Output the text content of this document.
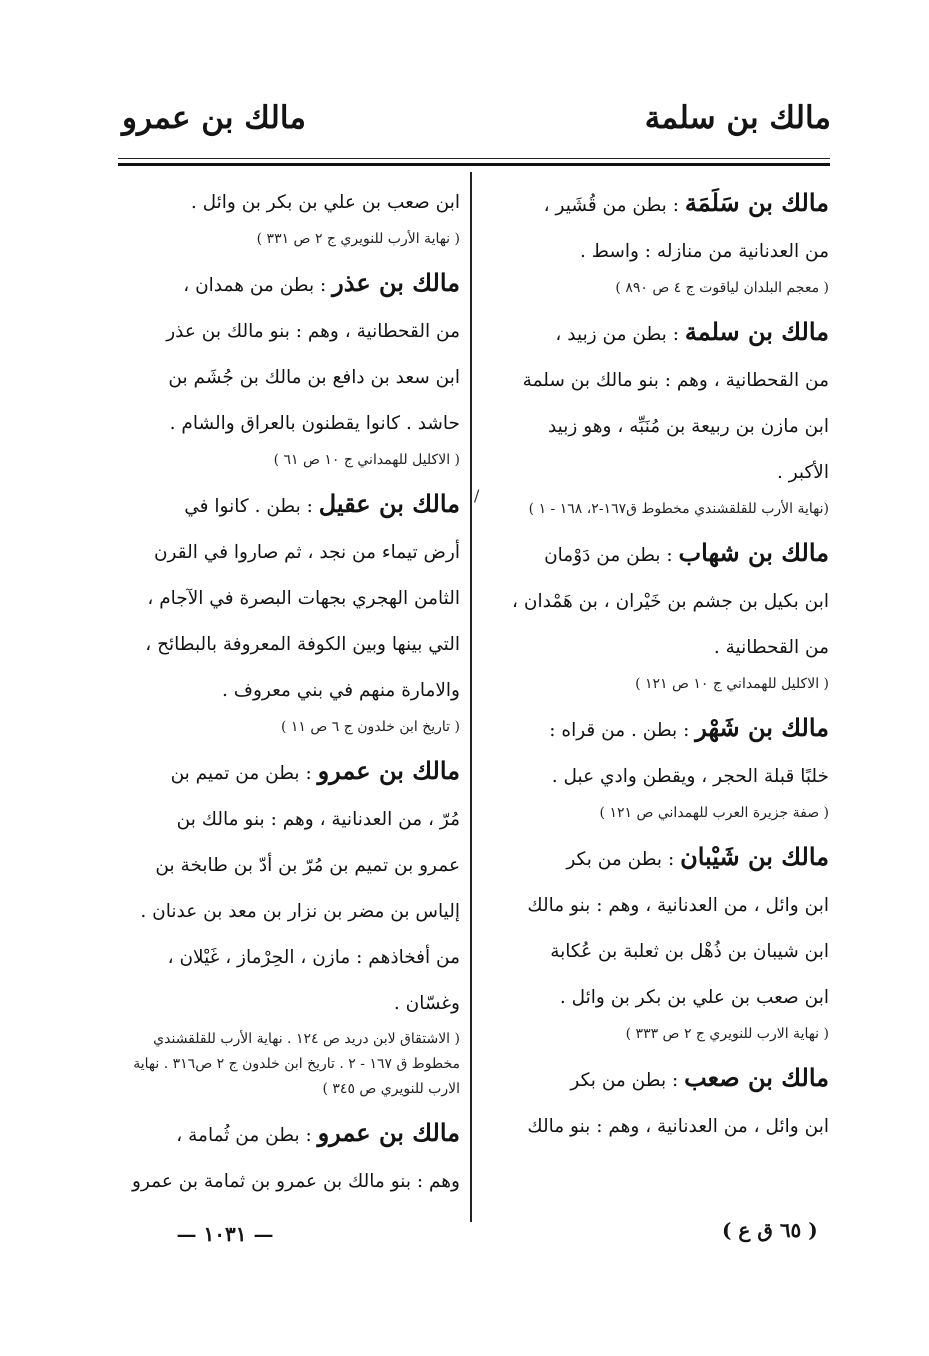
مالك بن سلمة
مالك بن عمرو
/

مالك بن سَلَمَة : بطن من قُشَير ،

من العدنانية من منازله : واسط .

( معجم البلدان لياقوت ج ٤ ص ٨٩٠ )

مالك بن سلمة : بطن من زبيد ،

من القحطانية ، وهم : بنو مالك بن سلمة

ابن مازن بن ربيعة بن مُنَبِّه ، وهو زبيد

الأكبر .

(نهاية الأرب للقلقشندي مخطوط ق١٦٧-٢، ١٦٨ - ١ )

مالك بن شهاب : بطن من دَوْمان

ابن بكيل بن جشم بن خَيْران ، بن هَمْدان ،

من القحطانية .

( الاكليل للهمداني ج ١٠ ص ١٢١ )

مالك بن شَهْر : بطن . من قراه :

خلبًا قبلة الحجر ، ويقطن وادي عبل .

( صفة جزيرة العرب للهمداني ص ١٢١ )

مالك بن شَيْبان : بطن من بكر

ابن وائل ، من العدنانية ، وهم : بنو مالك

ابن شيبان بن ذُهْل بن ثعلبة بن عُكابة

ابن صعب بن علي بن بكر بن وائل .

( نهاية الارب للنويري ج ٢ ص ٣٣٣ )

مالك بن صعب : بطن من بكر

ابن وائل ، من العدنانية ، وهم : بنو مالك

ابن صعب بن علي بن بكر بن وائل .

( نهاية الأرب للنويري ج ٢ ص ٣٣١ )

مالك بن عذر : بطن من همدان ،

من القحطانية ، وهم : بنو مالك بن عذر

ابن سعد بن دافع بن مالك بن جُشَم بن

حاشد . كانوا يقطنون بالعراق والشام .

( الاكليل للهمداني ج ١٠ ص ٦١ )

مالك بن عقيل : بطن . كانوا في

أرض تيماء من نجد ، ثم صاروا في القرن

الثامن الهجري بجهات البصرة في الآجام ،

التي بينها وبين الكوفة المعروفة بالبطائح ،

والامارة منهم في بني معروف .

( تاريخ ابن خلدون ج ٦ ص ١١ )

مالك بن عمرو : بطن من تميم بن

مُرّ ، من العدنانية ، وهم : بنو مالك بن

عمرو بن تميم بن مُرّ بن أدّ بن طابخة بن

إلياس بن مضر بن نزار بن معد بن عدنان .

من أفخاذهم : مازن ، الحِرْماز ، غَيْلان ،

وغسّان .

( الاشتقاق لابن دريد ص ١٢٤ . نهاية الأرب للقلقشندي مخطوط ق ١٦٧ - ٢ . تاريخ ابن خلدون ج ٢ ص٣١٦ . نهاية الارب للنويري ص ٣٤٥ )

مالك بن عمرو : بطن من ثُمامة ،

وهم : بنو مالك بن عمرو بن ثمامة بن عمرو

— ١٠٣١ —	( ٦٥ ق ع )
